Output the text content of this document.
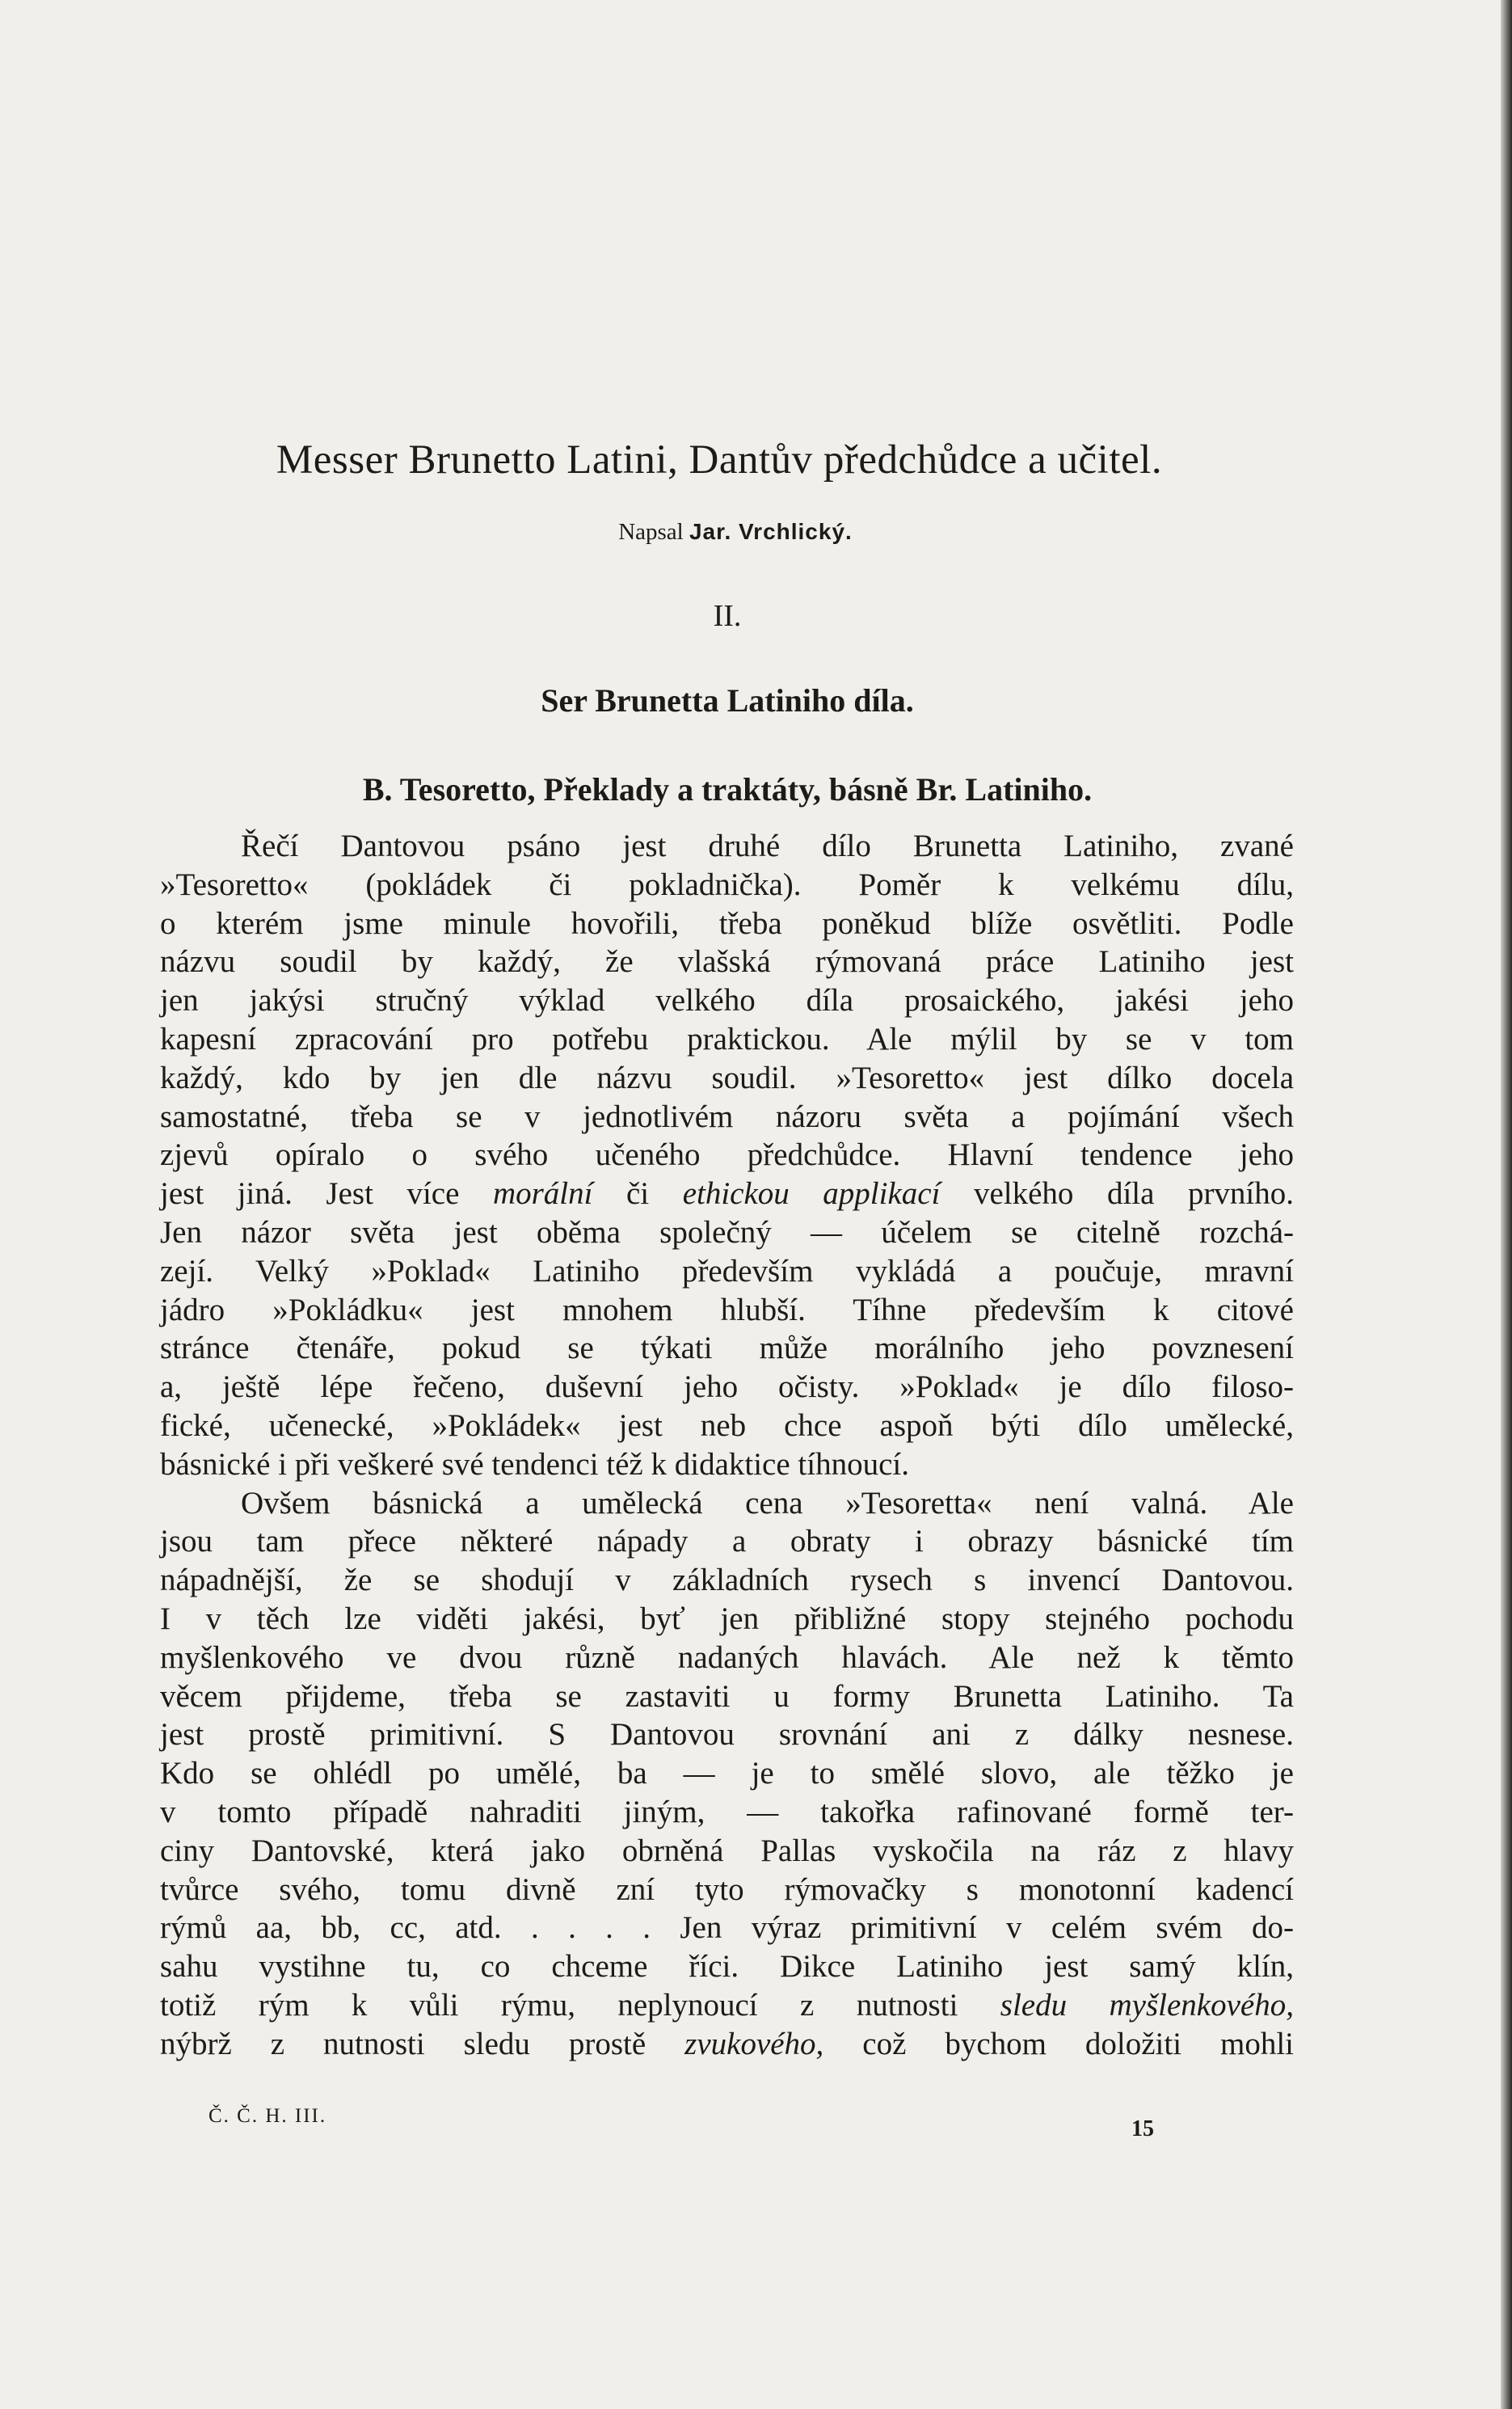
Messer Brunetto Latini, Dantův předchůdce a učitel.
Napsal Jar. Vrchlický.
II.
Ser Brunetta Latiniho díla.
B. Tesoretto, Překlady a traktáty, básně Br. Latiniho.
Řečí Dantovou psáno jest druhé dílo Brunetta Latiniho, zvané
»Tesoretto« (pokládek či pokladnička). Poměr k velkému dílu,
o kterém jsme minule hovořili, třeba poněkud blíže osvětliti. Podle
názvu soudil by každý, že vlašská rýmovaná práce Latiniho jest
jen jakýsi stručný výklad velkého díla prosaického, jakési jeho
kapesní zpracování pro potřebu praktickou. Ale mýlil by se v tom
každý, kdo by jen dle názvu soudil. »Tesoretto« jest dílko docela
samostatné, třeba se v jednotlivém názoru světa a pojímání všech
zjevů opíralo o svého učeného předchůdce. Hlavní tendence jeho
jest jiná. Jest více morální či ethickou applikací velkého díla prvního.
Jen názor světa jest oběma společný — účelem se citelně rozchá-
zejí. Velký »Poklad« Latiniho především vykládá a poučuje, mravní
jádro »Pokládku« jest mnohem hlubší. Tíhne především k citové
stránce čtenáře, pokud se týkati může morálního jeho povznesení
a, ještě lépe řečeno, duševní jeho očisty. »Poklad« je dílo filoso-
fické, učenecké, »Pokládek« jest neb chce aspoň býti dílo umělecké,
básnické i při veškeré své tendenci též k didaktice tíhnoucí.
Ovšem básnická a umělecká cena »Tesoretta« není valná. Ale
jsou tam přece některé nápady a obraty i obrazy básnické tím
nápadnější, že se shodují v základních rysech s invencí Dantovou.
I v těch lze viděti jakési, byť jen přibližné stopy stejného pochodu
myšlenkového ve dvou různě nadaných hlavách. Ale než k těmto
věcem přijdeme, třeba se zastaviti u formy Brunetta Latiniho. Ta
jest prostě primitivní. S Dantovou srovnání ani z dálky nesnese.
Kdo se ohlédl po umělé, ba — je to smělé slovo, ale těžko je
v tomto případě nahraditi jiným, — takořka rafinované formě ter-
ciny Dantovské, která jako obrněná Pallas vyskočila na ráz z hlavy
tvůrce svého, tomu divně zní tyto rýmovačky s monotonní kadencí
rýmů aa, bb, cc, atd. . . . . Jen výraz primitivní v celém svém do-
sahu vystihne tu, co chceme říci. Dikce Latiniho jest samý klín,
totiž rým k vůli rýmu, neplynoucí z nutnosti sledu myšlenkového,
nýbrž z nutnosti sledu prostě zvukového, což bychom doložiti mohli
Č. Č. H. III.
15
